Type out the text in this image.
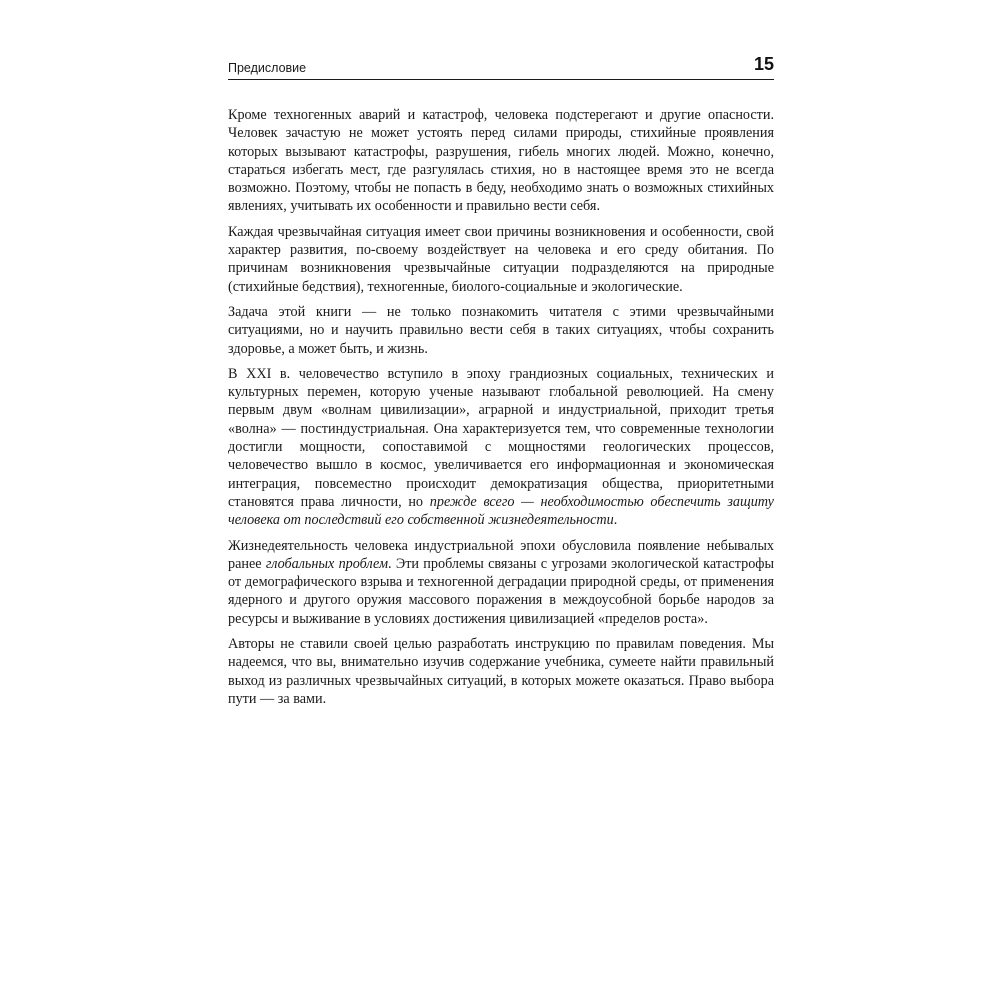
Предисловие	15

Кроме техногенных аварий и катастроф, человека подстерегают и другие опасности. Человек зачастую не может устоять перед силами природы, стихийные проявления которых вызывают катастрофы, разрушения, гибель многих людей. Можно, конечно, стараться избегать мест, где разгулялась стихия, но в настоящее время это не всегда возможно. Поэтому, чтобы не попасть в беду, необходимо знать о возможных стихийных явлениях, учитывать их особенности и правильно вести себя.

Каждая чрезвычайная ситуация имеет свои причины возникновения и особенности, свой характер развития, по-своему воздействует на человека и его среду обитания. По причинам возникновения чрезвычайные ситуации подразделяются на природные (стихийные бедствия), техногенные, биолого-социальные и экологические.

Задача этой книги — не только познакомить читателя с этими чрезвычайными ситуациями, но и научить правильно вести себя в таких ситуациях, чтобы сохранить здоровье, а может быть, и жизнь.

В XXI в. человечество вступило в эпоху грандиозных социальных, технических и культурных перемен, которую ученые называют глобальной революцией. На смену первым двум «волнам цивилизации», аграрной и индустриальной, приходит третья «волна» — постиндустриальная. Она характеризуется тем, что современные технологии достигли мощности, сопоставимой с мощностями геологических процессов, человечество вышло в космос, увеличивается его информационная и экономическая интеграция, повсеместно происходит демократизация общества, приоритетными становятся права личности, но прежде всего — необходимостью обеспечить защиту человека от последствий его собственной жизнедеятельности.

Жизнедеятельность человека индустриальной эпохи обусловила появление небывалых ранее глобальных проблем. Эти проблемы связаны с угрозами экологической катастрофы от демографического взрыва и техногенной деградации природной среды, от применения ядерного и другого оружия массового поражения в междоусобной борьбе народов за ресурсы и выживание в условиях достижения цивилизацией «пределов роста».

Авторы не ставили своей целью разработать инструкцию по правилам поведения. Мы надеемся, что вы, внимательно изучив содержание учебника, сумеете найти правильный выход из различных чрезвычайных ситуаций, в которых можете оказаться. Право выбора пути — за вами.
